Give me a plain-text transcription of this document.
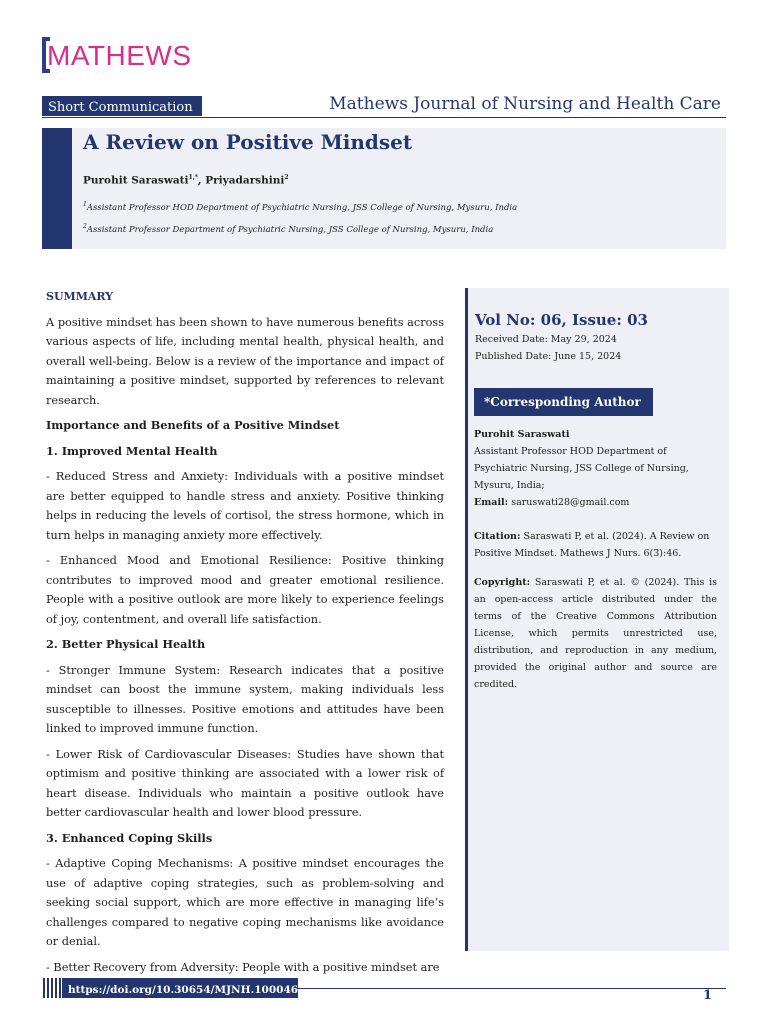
MATHEWS
Short Communication	Mathews Journal of Nursing and Health Care
A Review on Positive Mindset
Purohit Saraswati$^{1,*}$, Priyadarshini$^2$
$^1$Assistant Professor HOD Department of Psychiatric Nursing, JSS College of Nursing, Mysuru, India
$^2$Assistant Professor Department of Psychiatric Nursing, JSS College of Nursing, Mysuru, India
SUMMARY

A positive mindset has been shown to have numerous benefits across various aspects of life, including mental health, physical health, and overall well-being. Below is a review of the importance and impact of maintaining a positive mindset, supported by references to relevant research.

Importance and Benefits of a Positive Mindset
1. Improved Mental Health

- Reduced Stress and Anxiety: Individuals with a positive mindset are better equipped to handle stress and anxiety. Positive thinking helps in reducing the levels of cortisol, the stress hormone, which in turn helps in managing anxiety more effectively.

- Enhanced Mood and Emotional Resilience: Positive thinking contributes to improved mood and greater emotional resilience. People with a positive outlook are more likely to experience feelings of joy, contentment, and overall life satisfaction.

2. Better Physical Health

- Stronger Immune System: Research indicates that a positive mindset can boost the immune system, making individuals less susceptible to illnesses. Positive emotions and attitudes have been linked to improved immune function.

- Lower Risk of Cardiovascular Diseases: Studies have shown that optimism and positive thinking are associated with a lower risk of heart disease. Individuals who maintain a positive outlook have better cardiovascular health and lower blood pressure.

3. Enhanced Coping Skills

- Adaptive Coping Mechanisms: A positive mindset encourages the use of adaptive coping strategies, such as problem-solving and seeking social support, which are more effective in managing life’s challenges compared to negative coping mechanisms like avoidance or denial.

- Better Recovery from Adversity: People with a positive mindset are

Vol No: 06, Issue: 03
Received Date: May 29, 2024
Published Date: June 15, 2024
*Corresponding Author

Purohit Saraswati

Assistant Professor HOD Department of Psychiatric Nursing, JSS College of Nursing, Mysuru, India;

Email: saruswati28@gmail.com

Citation: Saraswati P, et al. (2024). A Review on Positive Mindset. Mathews J Nurs. 6(3):46.

Copyright: Saraswati P, et al. © (2024). This is an open-access article distributed under the terms of the Creative Commons Attribution License, which permits unrestricted use, distribution, and reproduction in any medium, provided the original author and source are credited.

https://doi.org/10.30654/MJNH.100046	1
